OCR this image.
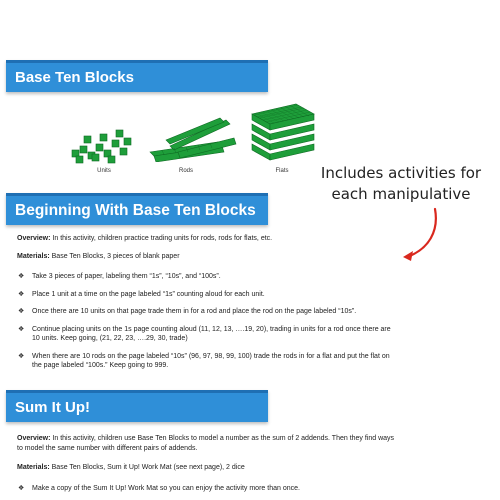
Base Ten Blocks
Units	Rods	Flats	Includes activities for
each manipulative
Beginning With Base Ten Blocks

Overview: In this activity, children practice trading units for rods, rods for flats, etc.

Materials: Base Ten Blocks, 3 pieces of blank paper

❖ Take 3 pieces of paper, labeling them “1s”, “10s”, and “100s”.
❖ Place 1 unit at a time on the page labeled “1s” counting aloud for each unit.
❖ Once there are 10 units on that page trade them in for a rod and place the rod on the page labeled “10s”.
❖ Continue placing units on the 1s page counting aloud (11, 12, 13, ….19, 20), trading in units for a rod once there are 10 units. Keep going, (21, 22, 23, ….29, 30, trade)
❖ When there are 10 rods on the page labeled “10s” (96, 97, 98, 99, 100) trade the rods in for a flat and put the flat on the page labeled “100s.” Keep going to 999.
Sum It Up!

Overview: In this activity, children use Base Ten Blocks to model a number as the sum of 2 addends. Then they find ways to model the same number with different pairs of addends.

Materials: Base Ten Blocks, Sum it Up! Work Mat (see next page), 2 dice

❖ Make a copy of the Sum It Up! Work Mat so you can enjoy the activity more than once.
